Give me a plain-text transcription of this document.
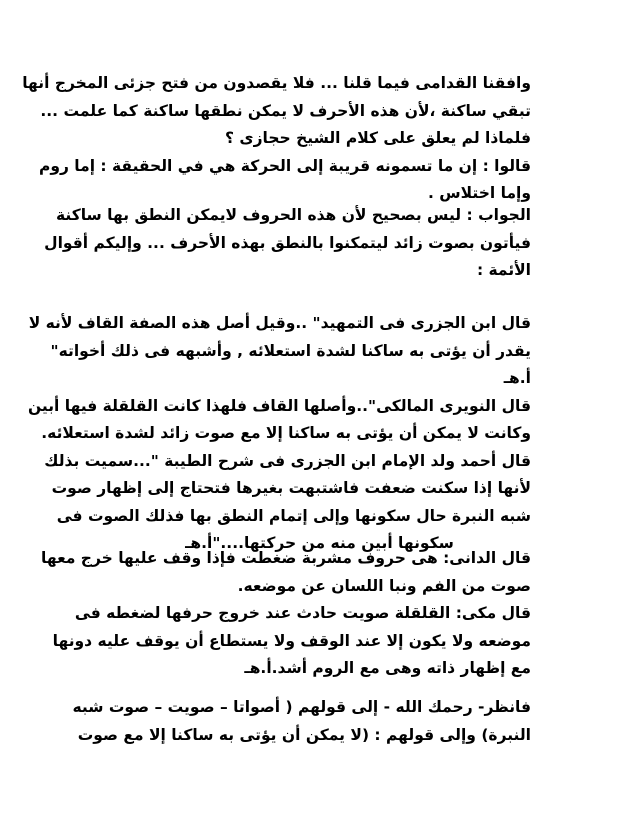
وافقنا القدامى فيما قلنا ... فلا يقصدون من فتح جزئى المخرج أنها
تبقي ساكنة ،لأن هذه الأحرف لا يمكن نطقها ساكنة كما علمت ...
فلماذا لم يعلق على كلام الشيخ حجازى ؟
قالوا : إن ما تسمونه قريبة إلى الحركة هي في الحقيقة : إما روم
وإما اختلاس .
الجواب : ليس بصحيح لأن هذه الحروف لايمكن النطق بها ساكنة
فيأتون بصوت زائد ليتمكنوا بالنطق بهذه الأحرف ... وإليكم أقوال
الأئمة :
قال ابن الجزرى فى التمهيد" ..وقيل أصل هذه الصفة القاف لأنه لا
يقدر أن يؤتى به ساكنا لشدة استعلائه , وأشبهه فى ذلك أخواته"
أ.هـ
قال النويرى المالكى"..وأصلها القاف فلهذا كانت القلقلة فيها أبين
وكانت لا يمكن أن يؤتى به ساكنا إلا مع صوت زائد لشدة استعلائه.
قال أحمد ولد الإمام ابن الجزرى فى شرح الطيبة "...سميت بذلك
لأنها إذا سكنت ضعفت فاشتبهت بغيرها فتحتاج إلى إظهار صوت
شبه النبرة حال سكونها وإلى إتمام النطق بها فذلك الصوت فى
سكونها أبين منه من حركتها...."أ.هـ
قال الدانى: هى حروف مشربة ضغطت فإذا وقف عليها خرج معها
صوت من الفم ونبا اللسان عن موضعه.
قال مكى: القلقلة صويت حادث عند خروج حرفها لضغطه فى
موضعه ولا يكون إلا عند الوقف ولا يستطاع أن يوقف عليه دونها
مع إظهار ذاته وهى مع الروم أشد.أ.هـ
فانظر- رحمك الله - إلى قولهم ( أصواتا – صويت – صوت شبه
النبرة) وإلى قولهم : (لا يمكن أن يؤتى به ساكنا إلا مع صوت
